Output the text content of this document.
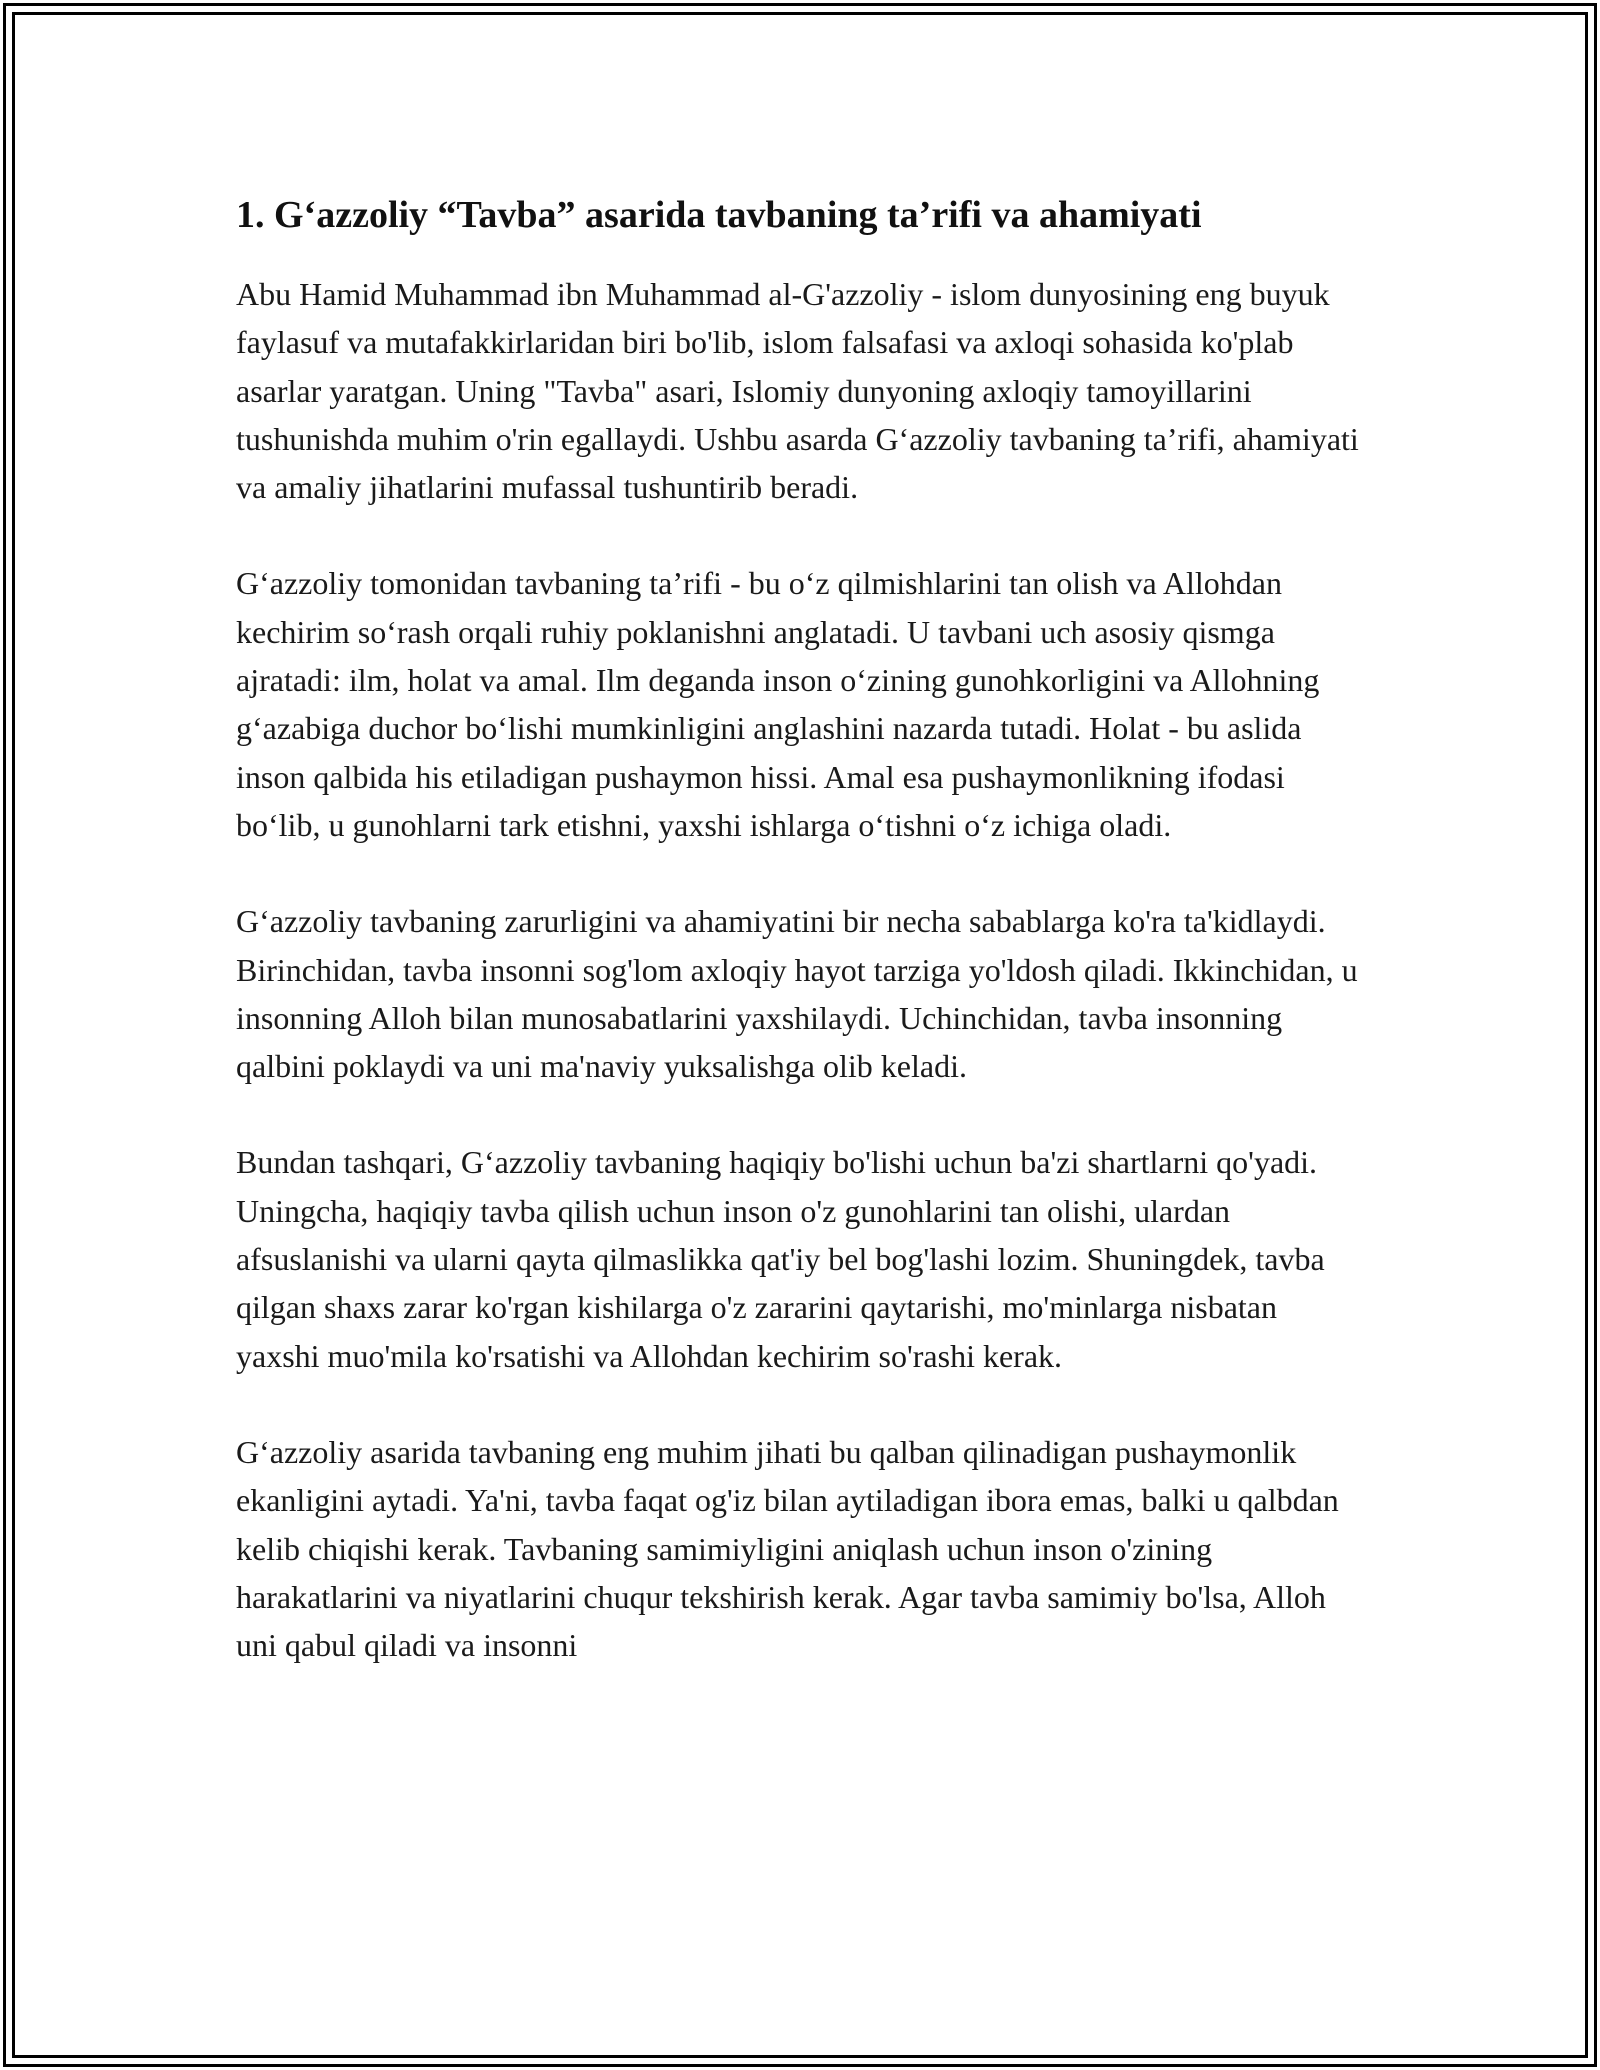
1. G‘azzoliy “Tavba” asarida tavbaning ta’rifi va ahamiyati

Abu Hamid Muhammad ibn Muhammad al-G'azzoliy - islom dunyosining eng buyuk faylasuf va mutafakkirlaridan biri bo'lib, islom falsafasi va axloqi sohasida ko'plab asarlar yaratgan. Uning "Tavba" asari, Islomiy dunyoning axloqiy tamoyillarini tushunishda muhim o'rin egallaydi. Ushbu asarda G‘azzoliy tavbaning ta’rifi, ahamiyati va amaliy jihatlarini mufassal tushuntirib beradi.

G‘azzoliy tomonidan tavbaning ta’rifi - bu o‘z qilmishlarini tan olish va Allohdan kechirim so‘rash orqali ruhiy poklanishni anglatadi. U tavbani uch asosiy qismga ajratadi: ilm, holat va amal. Ilm deganda inson o‘zining gunohkorligini va Allohning g‘azabiga duchor bo‘lishi mumkinligini anglashini nazarda tutadi. Holat - bu aslida inson qalbida his etiladigan pushaymon hissi. Amal esa pushaymonlikning ifodasi bo‘lib, u gunohlarni tark etishni, yaxshi ishlarga o‘tishni o‘z ichiga oladi.

G‘azzoliy tavbaning zarurligini va ahamiyatini bir necha sabablarga ko'ra ta'kidlaydi. Birinchidan, tavba insonni sog'lom axloqiy hayot tarziga yo'ldosh qiladi. Ikkinchidan, u insonning Alloh bilan munosabatlarini yaxshilaydi. Uchinchidan, tavba insonning qalbini poklaydi va uni ma'naviy yuksalishga olib keladi.

Bundan tashqari, G‘azzoliy tavbaning haqiqiy bo'lishi uchun ba'zi shartlarni qo'yadi. Uningcha, haqiqiy tavba qilish uchun inson o'z gunohlarini tan olishi, ulardan afsuslanishi va ularni qayta qilmaslikka qat'iy bel bog'lashi lozim. Shuningdek, tavba qilgan shaxs zarar ko'rgan kishilarga o'z zararini qaytarishi, mo'minlarga nisbatan yaxshi muo'mila ko'rsatishi va Allohdan kechirim so'rashi kerak.

G‘azzoliy asarida tavbaning eng muhim jihati bu qalban qilinadigan pushaymonlik ekanligini aytadi. Ya'ni, tavba faqat og'iz bilan aytiladigan ibora emas, balki u qalbdan kelib chiqishi kerak. Tavbaning samimiyligini aniqlash uchun inson o'zining harakatlarini va niyatlarini chuqur tekshirish kerak. Agar tavba samimiy bo'lsa, Alloh uni qabul qiladi va insonni
